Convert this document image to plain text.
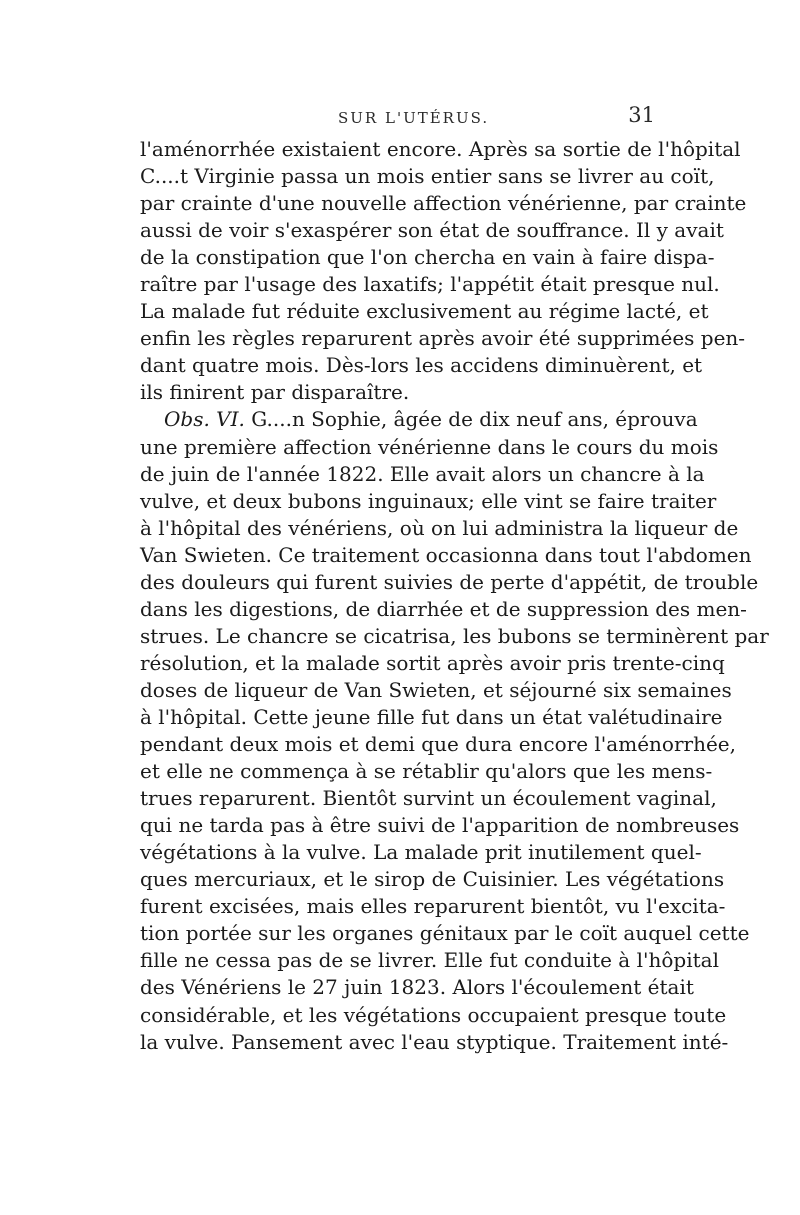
SUR L'UTÉRUS.	31
l'aménorrhée existaient encore. Après sa sortie de l'hôpital
C....t Virginie passa un mois entier sans se livrer au coït,
par crainte d'une nouvelle affection vénérienne, par crainte
aussi de voir s'exaspérer son état de souffrance. Il y avait
de la constipation que l'on chercha en vain à faire dispa-
raître par l'usage des laxatifs; l'appétit était presque nul.
La malade fut réduite exclusivement au régime lacté, et
enfin les règles reparurent après avoir été supprimées pen-
dant quatre mois. Dès-lors les accidens diminuèrent, et
ils finirent par disparaître.
Obs. VI. G....n Sophie, âgée de dix neuf ans, éprouva
une première affection vénérienne dans le cours du mois
de juin de l'année 1822. Elle avait alors un chancre à la
vulve, et deux bubons inguinaux; elle vint se faire traiter
à l'hôpital des vénériens, où on lui administra la liqueur de
Van Swieten. Ce traitement occasionna dans tout l'abdomen
des douleurs qui furent suivies de perte d'appétit, de trouble
dans les digestions, de diarrhée et de suppression des men-
strues. Le chancre se cicatrisa, les bubons se terminèrent par
résolution, et la malade sortit après avoir pris trente-cinq
doses de liqueur de Van Swieten, et séjourné six semaines
à l'hôpital. Cette jeune fille fut dans un état valétudinaire
pendant deux mois et demi que dura encore l'aménorrhée,
et elle ne commença à se rétablir qu'alors que les mens-
trues reparurent. Bientôt survint un écoulement vaginal,
qui ne tarda pas à être suivi de l'apparition de nombreuses
végétations à la vulve. La malade prit inutilement quel-
ques mercuriaux, et le sirop de Cuisinier. Les végétations
furent excisées, mais elles reparurent bientôt, vu l'excita-
tion portée sur les organes génitaux par le coït auquel cette
fille ne cessa pas de se livrer. Elle fut conduite à l'hôpital
des Vénériens le 27 juin 1823. Alors l'écoulement était
considérable, et les végétations occupaient presque toute
la vulve. Pansement avec l'eau styptique. Traitement inté-
